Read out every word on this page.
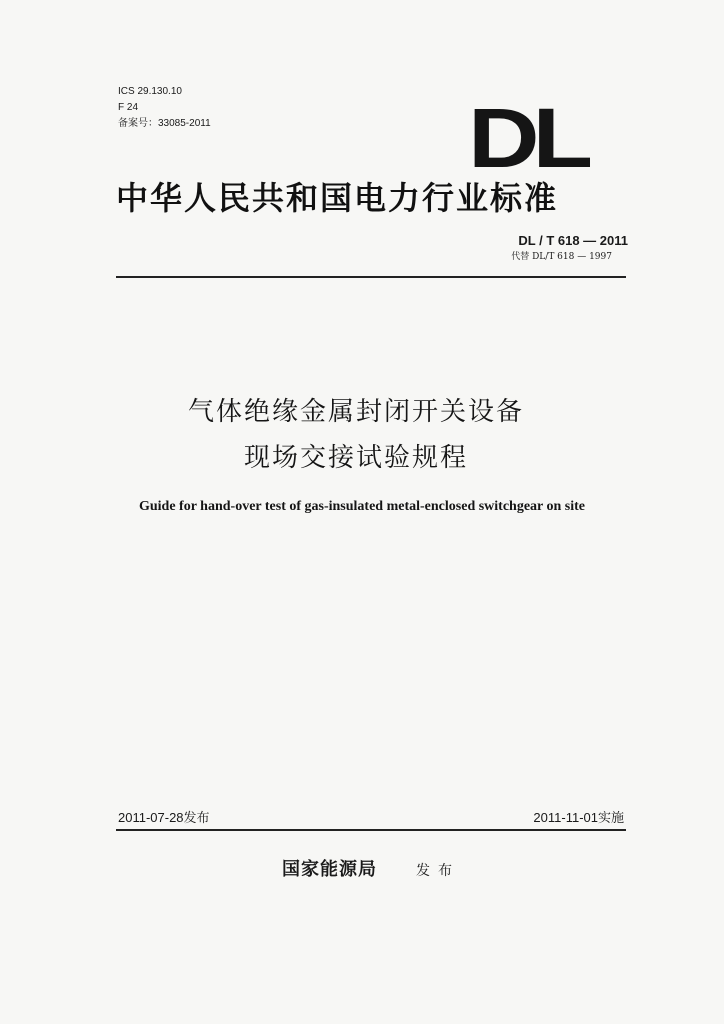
ICS 29.130.10
F 24
备案号：33085-2011	DL
中华人民共和国电力行业标准
DL / T 618 — 2011
代替 DL/T 618 — 1997
气体绝缘金属封闭开关设备
现场交接试验规程
Guide for hand-over test of gas-insulated metal-enclosed switchgear on site
2011-07-28发布	2011-11-01实施
国家能源局	发布
